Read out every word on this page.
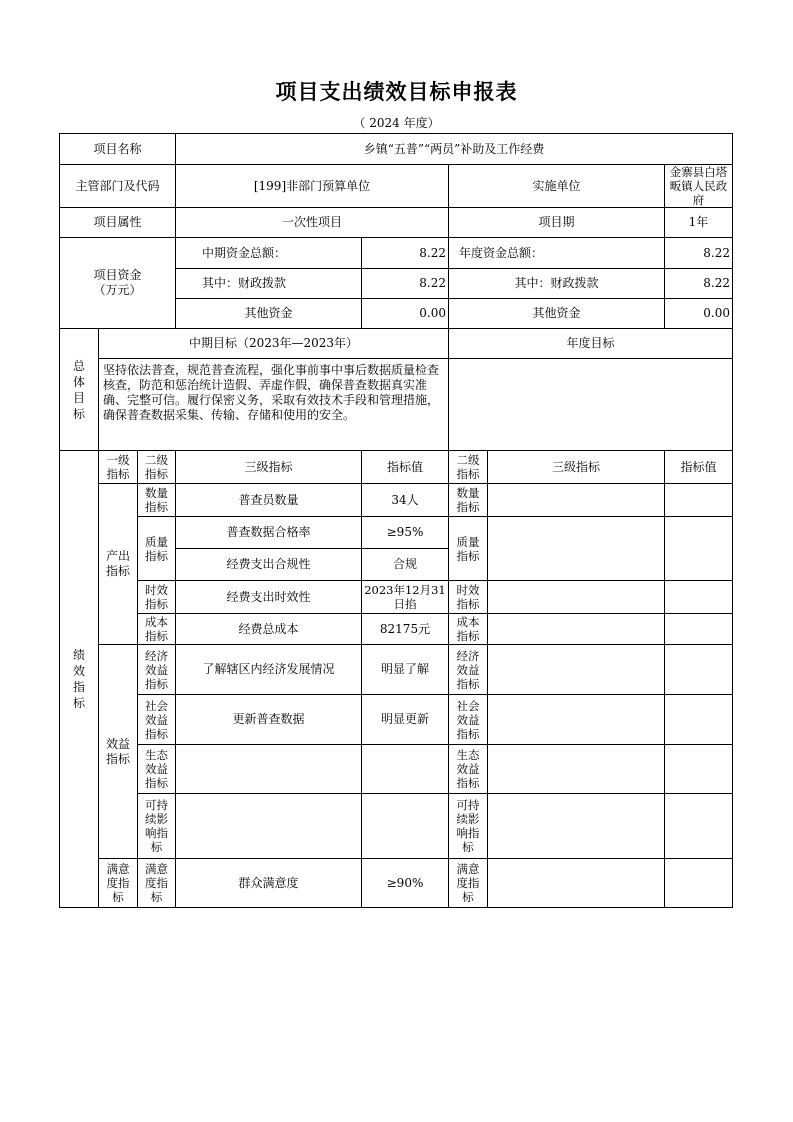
项目支出绩效目标申报表
（ 2024 年度）
项目名称			乡镇“五普”“两员”补助及工作经费				
主管部门及代码			[199]非部门预算单位		实施单位		金寨县白塔畈镇人民政府
项目属性			一次性项目		项目期		1年

项目资金（万元）			中期资金总额：	8.22	年度资金总额：		8.22
			其中：财政拨款	8.22	其中：财政拨款		8.22
			其他资金	0.00	其他资金		0.00

总体目标	中期目标（2023年—2023年）				年度目标		
	坚持依法普查，规范普查流程，强化事前事中事后数据质量检查核查，防范和惩治统计造假、弄虚作假，确保普查数据真实准确、完整可信。履行保密义务，采取有效技术手段和管理措施，确保普查数据采集、传输、存储和使用的安全。						

绩效指标	一级指标	二级指标	三级指标	指标值	二级指标	三级指标	指标值
	产出指标	数量指标	普查员数量	34人	数量指标		
		质量指标	普查数据合格率	≥95%	质量指标		
			经费支出合规性	合规			
		时效指标	经费支出时效性	2023年12月31日掐	时效指标		
		成本指标	经费总成本	82175元	成本指标		
	效益指标	经济效益指标	了解辖区内经济发展情况	明显了解	经济效益指标		
		社会效益指标	更新普查数据	明显更新	社会效益指标		
		生态效益指标			生态效益指标		
		可持续影响指标			可持续影响指标		
	满意度指标	满意度指标	群众满意度	≥90%	满意度指标		
